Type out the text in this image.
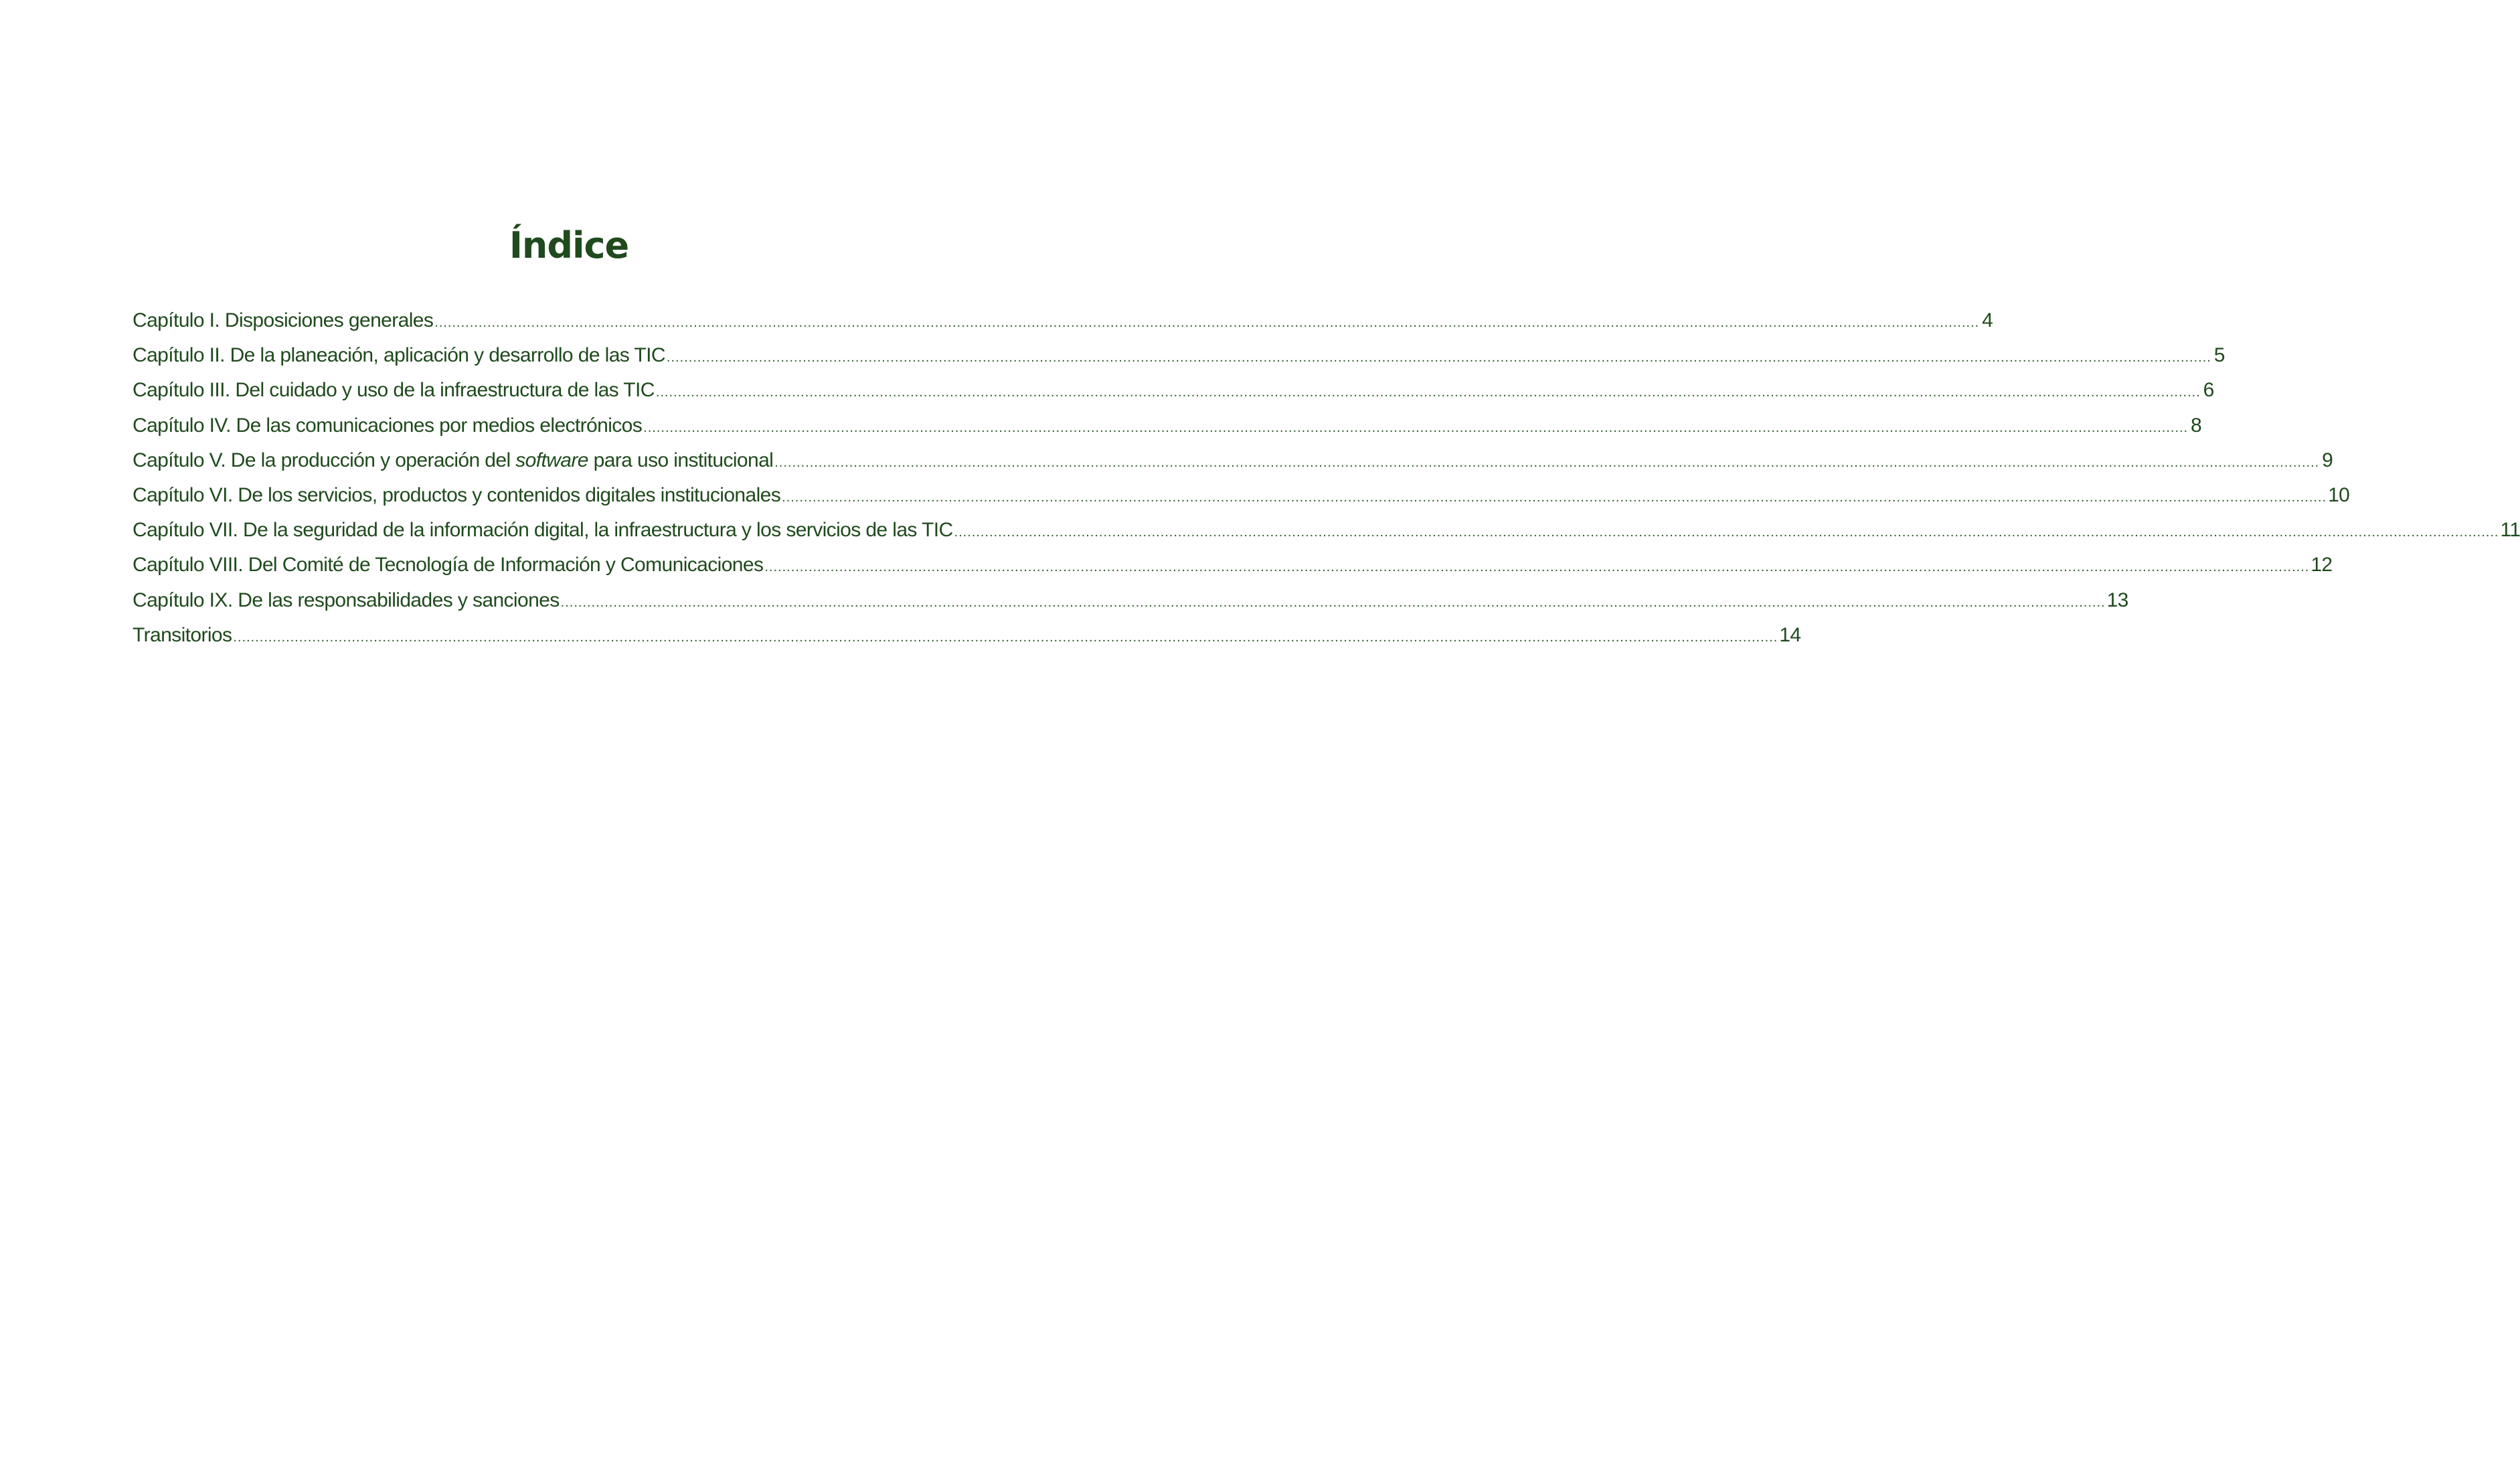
Índice
Capítulo I. Disposiciones generales .....	4
Capítulo II. De la planeación, aplicación y desarrollo de las TIC .....	5
Capítulo III. Del cuidado y uso de la infraestructura de las TIC .....	6
Capítulo IV. De las comunicaciones por medios electrónicos .....	8
Capítulo V. De la producción y operación del software para uso institucional .....	9
Capítulo VI. De los servicios, productos y contenidos digitales institucionales .....	10
Capítulo VII. De la seguridad de la información digital, la infraestructura y los servicios de las TIC .....	11
Capítulo VIII. Del Comité de Tecnología de Información y Comunicaciones .....	12
Capítulo IX. De las responsabilidades y sanciones .....	13
Transitorios .....	14
